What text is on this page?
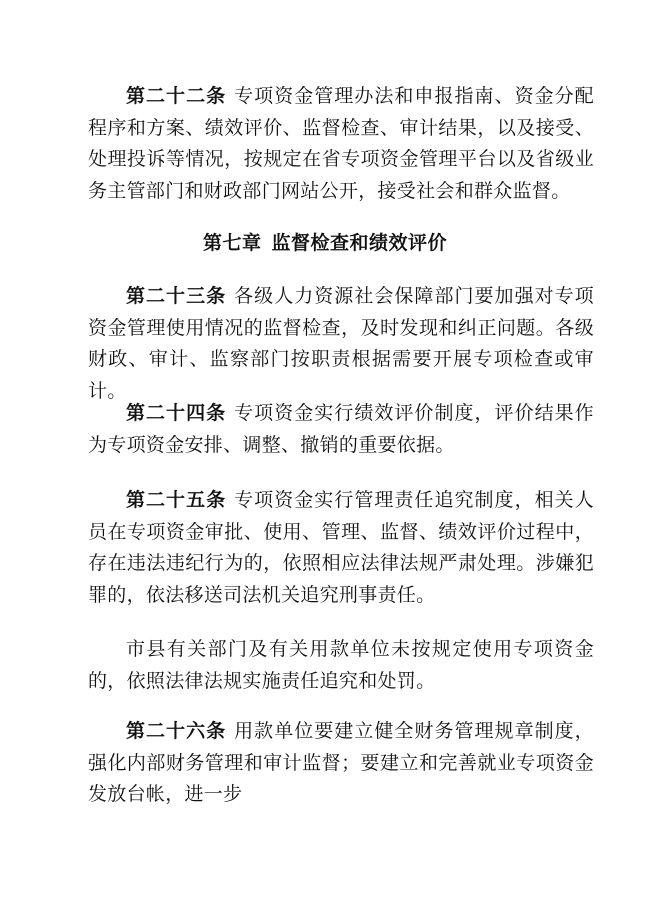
第二十二条 专项资金管理办法和申报指南、资金分配程序和方案、绩效评价、监督检查、审计结果，以及接受、处理投诉等情况，按规定在省专项资金管理平台以及省级业务主管部门和财政部门网站公开，接受社会和群众监督。

第七章 监督检查和绩效评价

第二十三条 各级人力资源社会保障部门要加强对专项资金管理使用情况的监督检查，及时发现和纠正问题。各级财政、审计、监察部门按职责根据需要开展专项检查或审计。

第二十四条 专项资金实行绩效评价制度，评价结果作为专项资金安排、调整、撤销的重要依据。

第二十五条 专项资金实行管理责任追究制度，相关人员在专项资金审批、使用、管理、监督、绩效评价过程中，存在违法违纪行为的，依照相应法律法规严肃处理。涉嫌犯罪的，依法移送司法机关追究刑事责任。

市县有关部门及有关用款单位未按规定使用专项资金的，依照法律法规实施责任追究和处罚。

第二十六条 用款单位要建立健全财务管理规章制度，强化内部财务管理和审计监督；要建立和完善就业专项资金发放台帐，进一步
